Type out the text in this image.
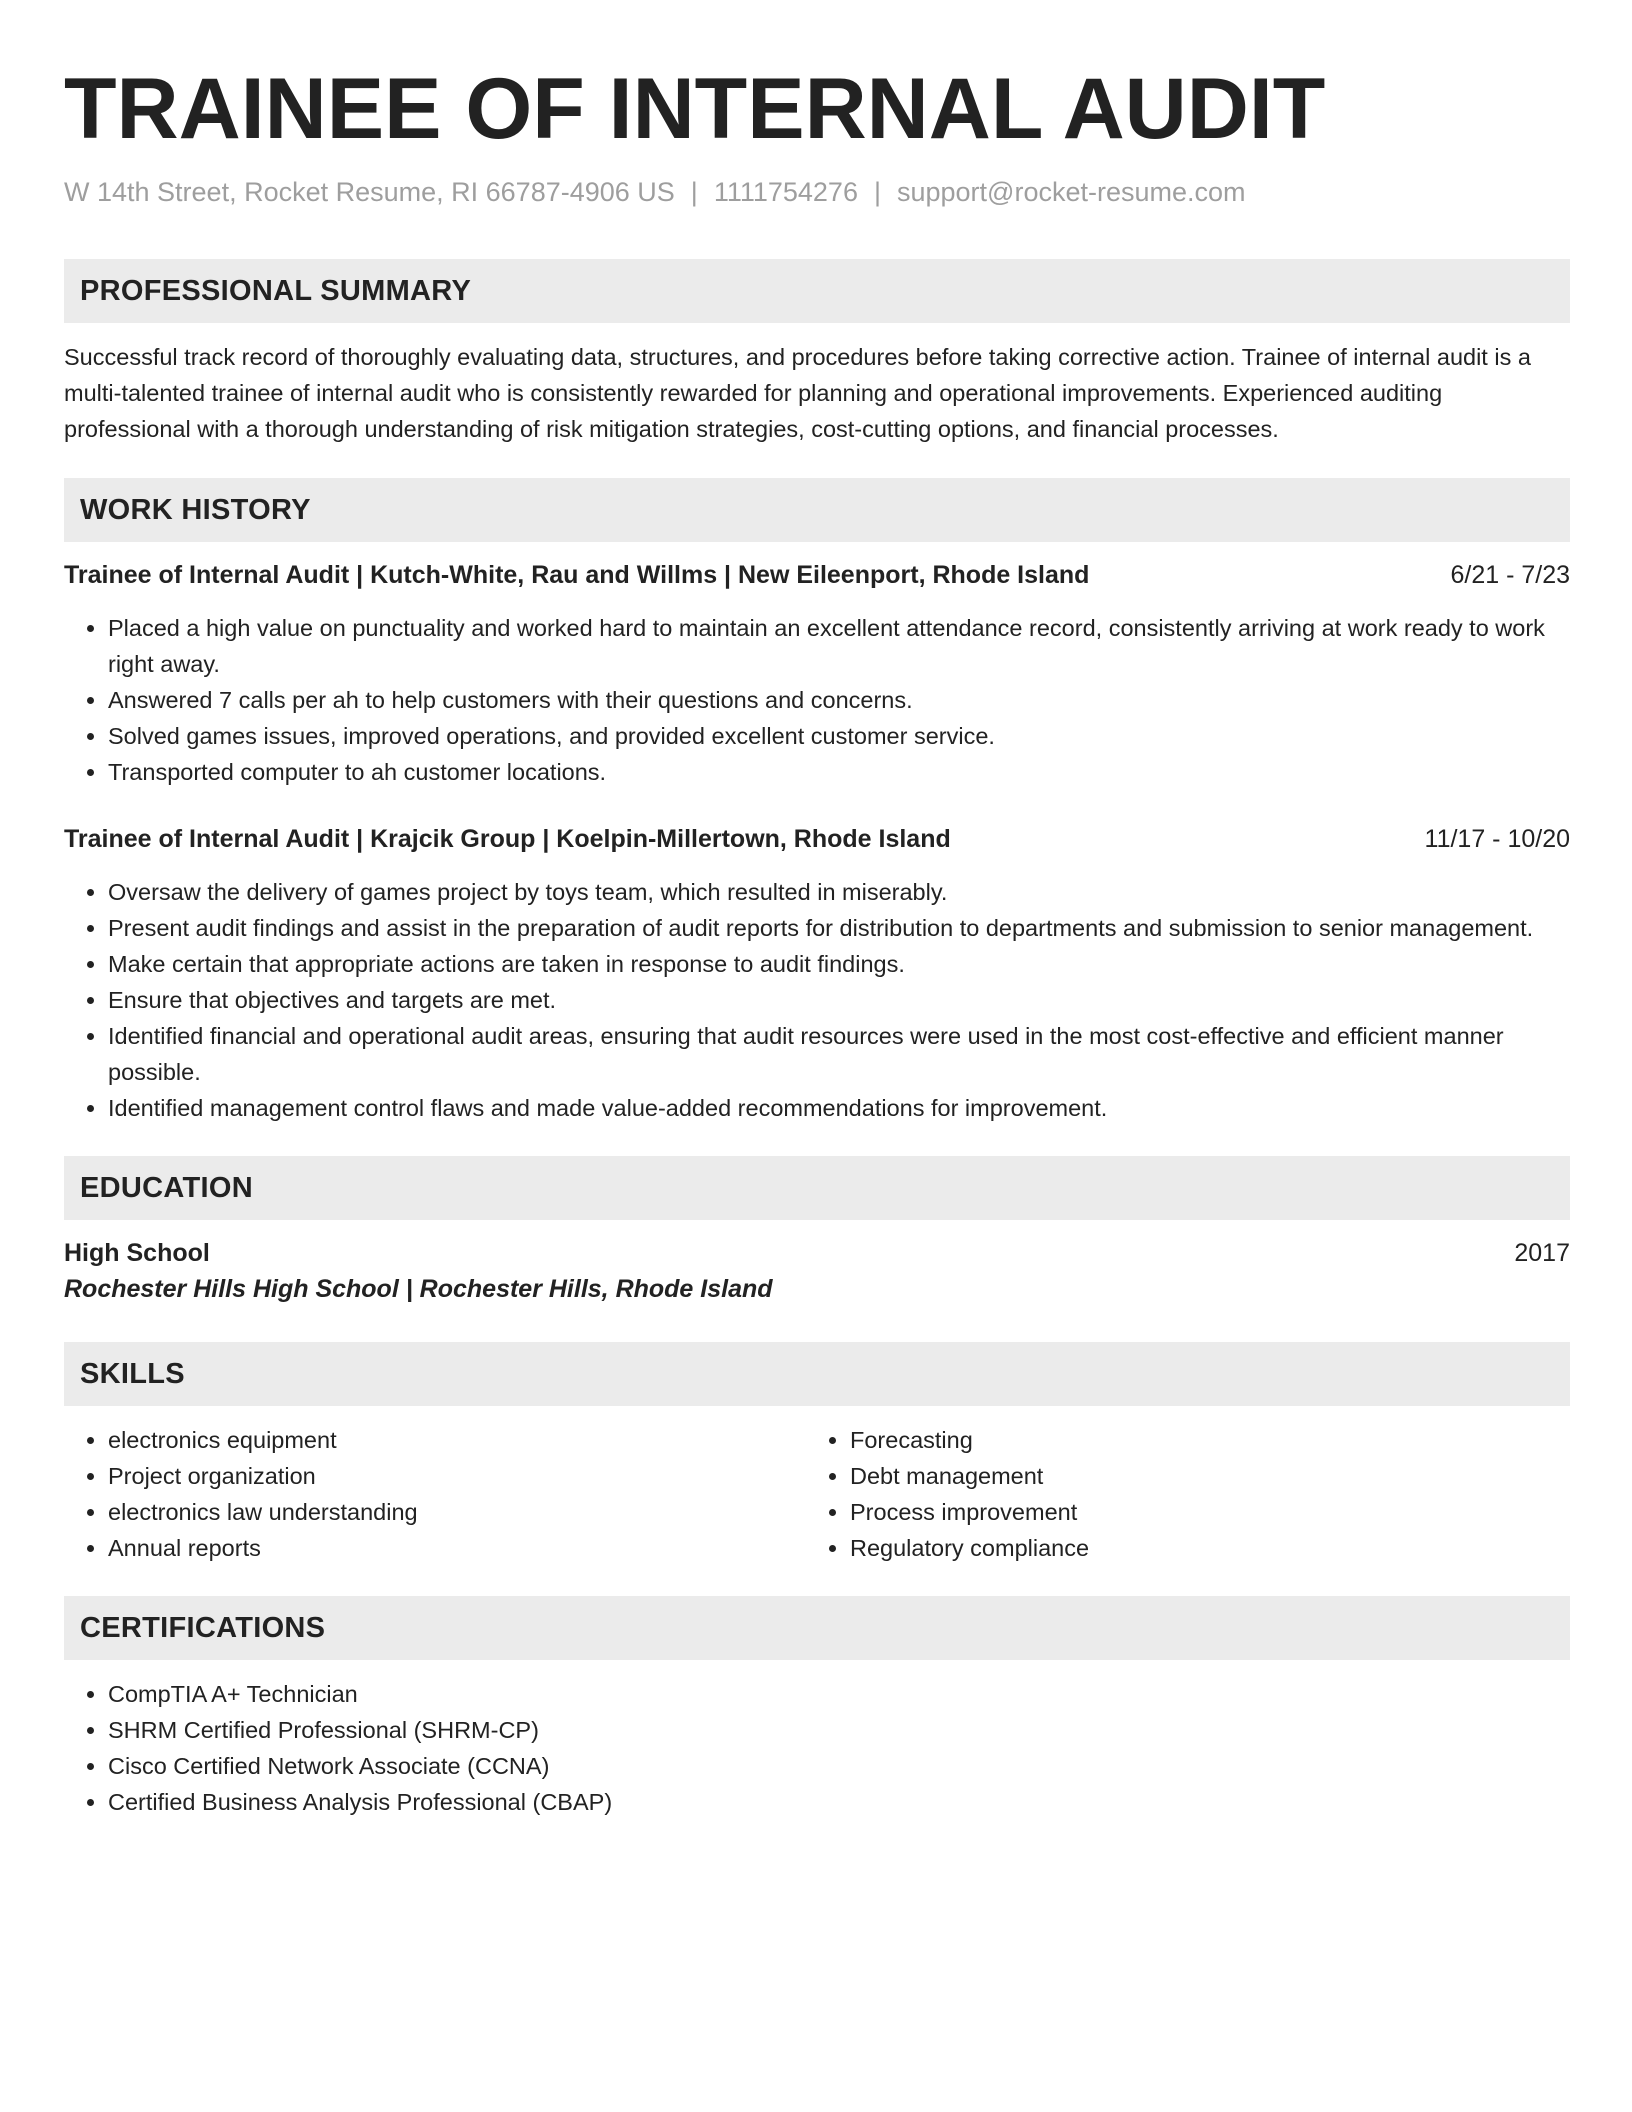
TRAINEE OF INTERNAL AUDIT
W 14th Street, Rocket Resume, RI 66787-4906 US | 1111754276 | support@rocket-resume.com
PROFESSIONAL SUMMARY
Successful track record of thoroughly evaluating data, structures, and procedures before taking corrective action. Trainee of internal audit is a multi-talented trainee of internal audit who is consistently rewarded for planning and operational improvements. Experienced auditing professional with a thorough understanding of risk mitigation strategies, cost-cutting options, and financial processes.
WORK HISTORY
Trainee of Internal Audit | Kutch-White, Rau and Willms | New Eileenport, Rhode Island	6/21 - 7/23
• Placed a high value on punctuality and worked hard to maintain an excellent attendance record, consistently arriving at work ready to work right away.
• Answered 7 calls per ah to help customers with their questions and concerns.
• Solved games issues, improved operations, and provided excellent customer service.
• Transported computer to ah customer locations.
Trainee of Internal Audit | Krajcik Group | Koelpin-Millertown, Rhode Island	11/17 - 10/20
• Oversaw the delivery of games project by toys team, which resulted in miserably.
• Present audit findings and assist in the preparation of audit reports for distribution to departments and submission to senior management.
• Make certain that appropriate actions are taken in response to audit findings.
• Ensure that objectives and targets are met.
• Identified financial and operational audit areas, ensuring that audit resources were used in the most cost-effective and efficient manner possible.
• Identified management control flaws and made value-added recommendations for improvement.
EDUCATION
High School	2017
Rochester Hills High School | Rochester Hills, Rhode Island
SKILLS
• electronics equipment
• Project organization
• electronics law understanding
• Annual reports
• Forecasting
• Debt management
• Process improvement
• Regulatory compliance
CERTIFICATIONS
• CompTIA A+ Technician
• SHRM Certified Professional (SHRM-CP)
• Cisco Certified Network Associate (CCNA)
• Certified Business Analysis Professional (CBAP)
